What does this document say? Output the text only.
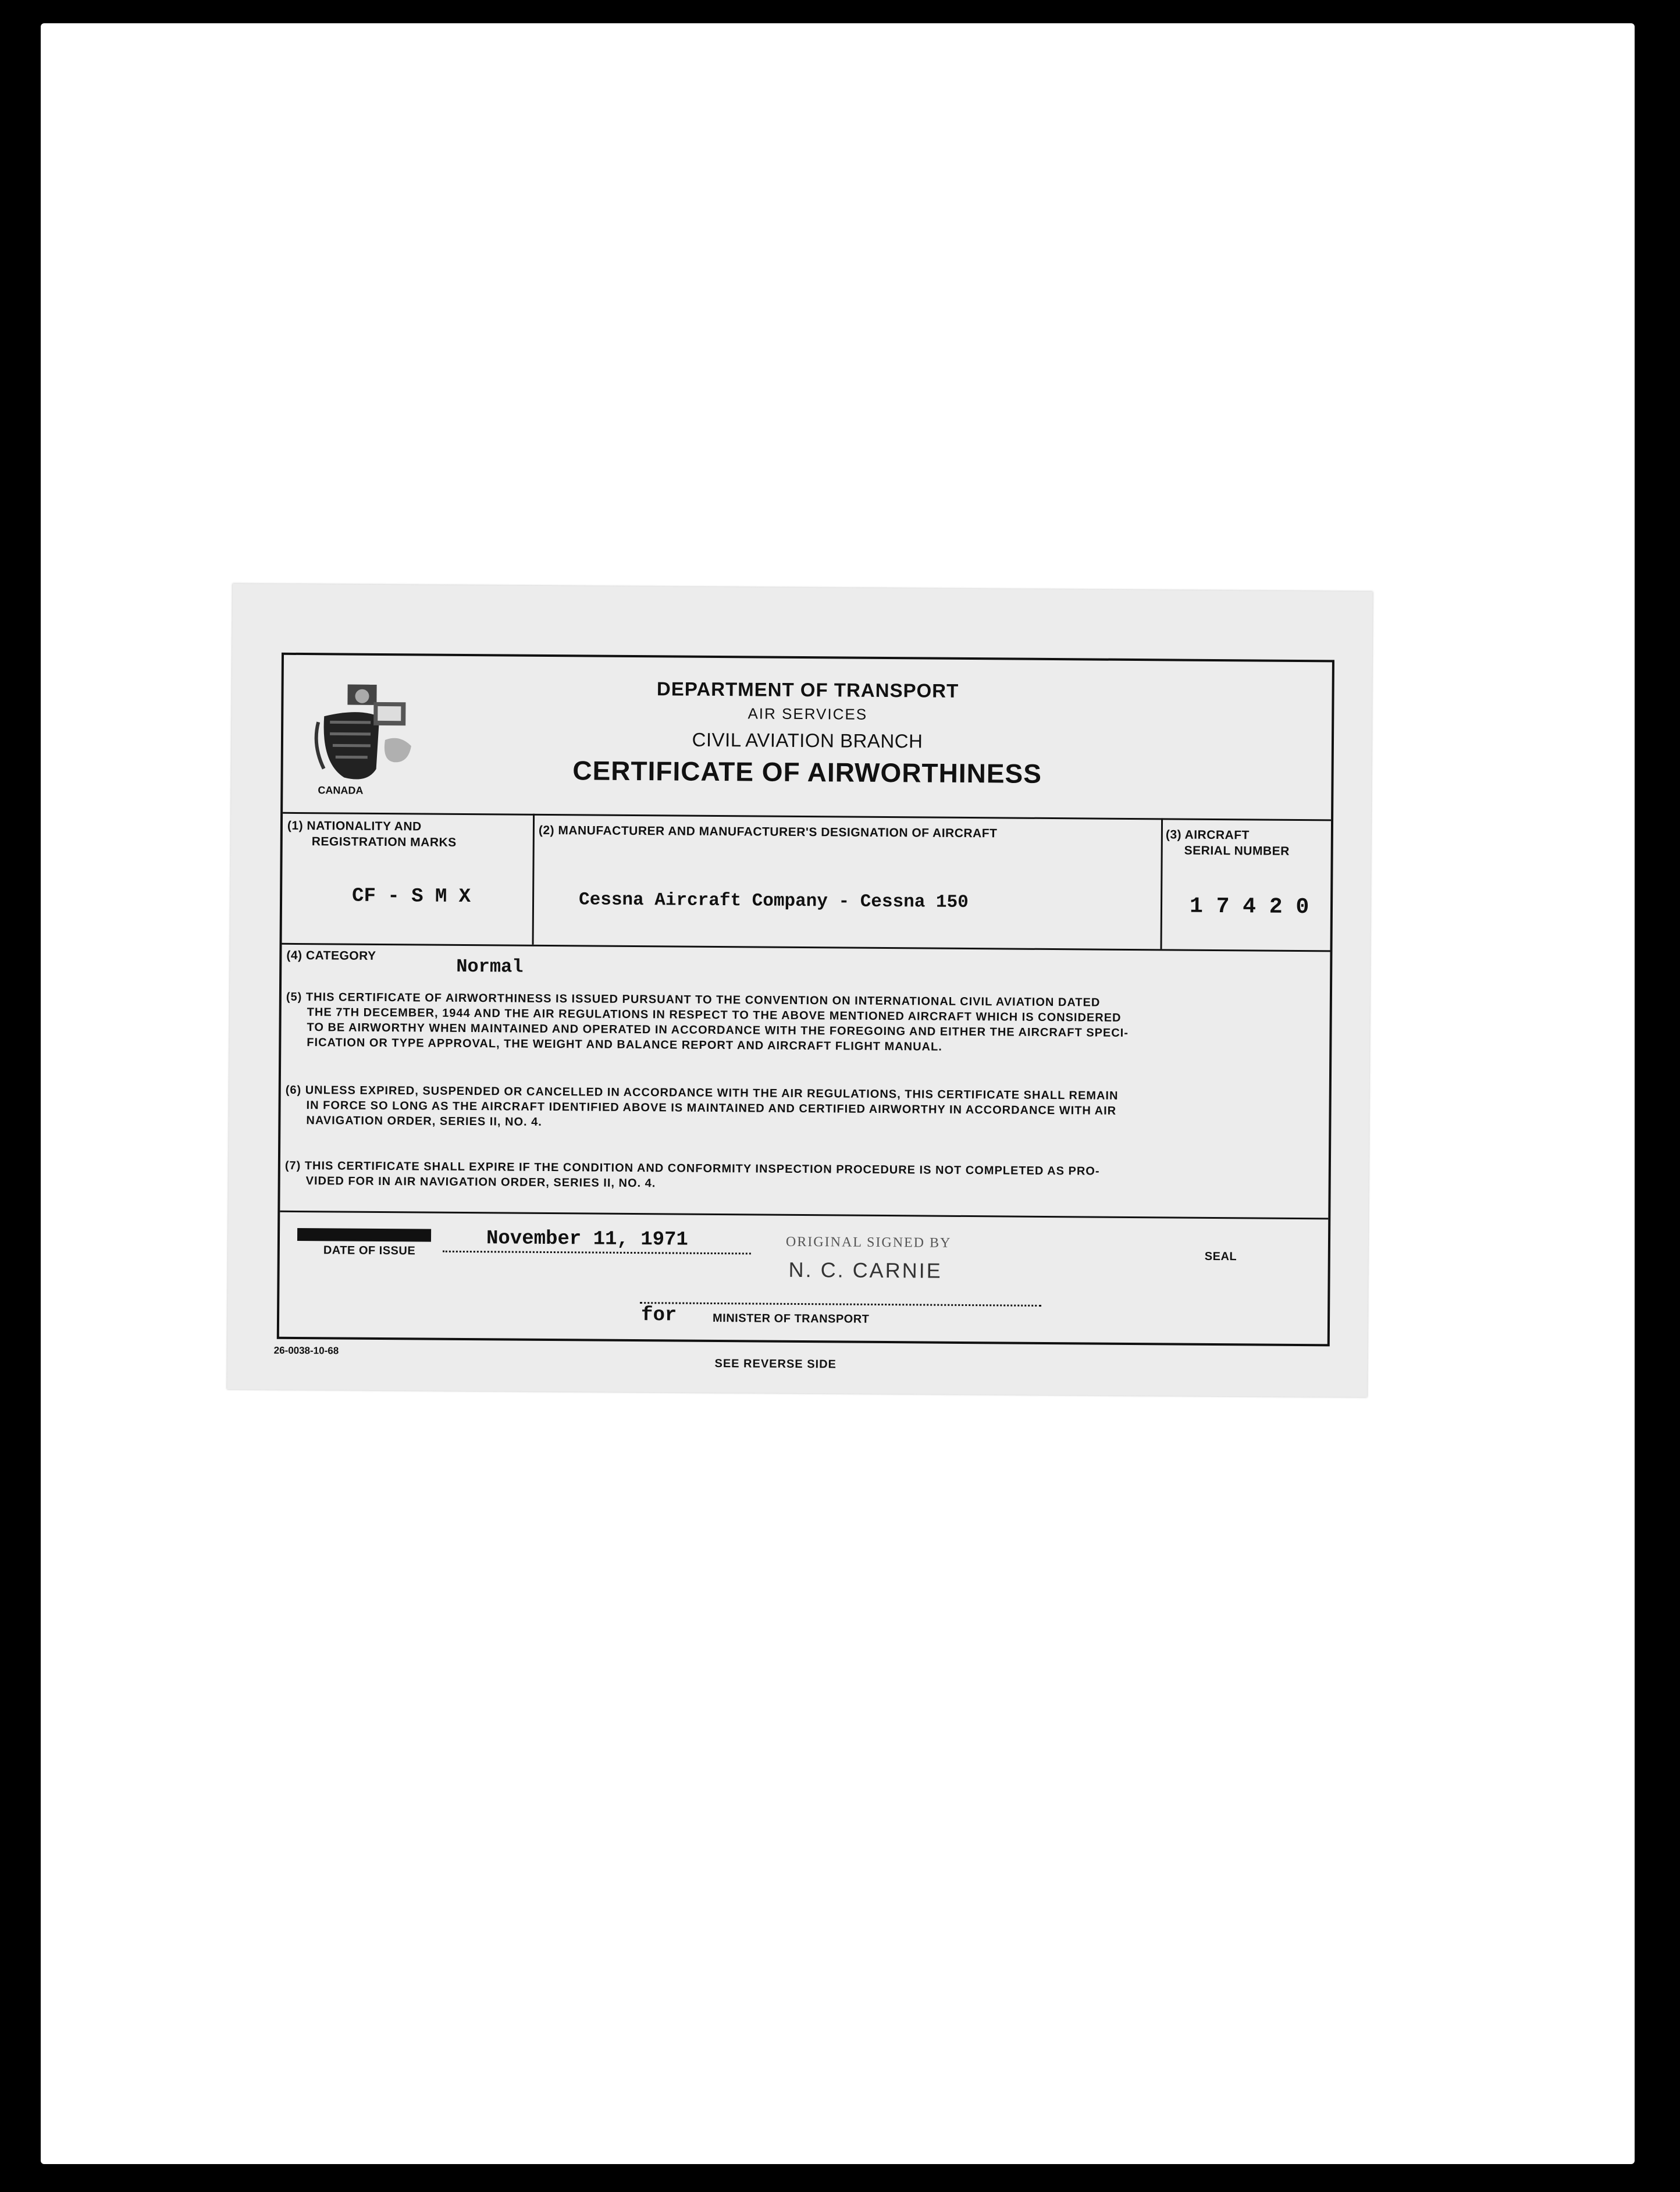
CANADA
DEPARTMENT OF TRANSPORT
AIR SERVICES
CIVIL AVIATION BRANCH
CERTIFICATE OF AIRWORTHINESS
(1) NATIONALITY AND
REGISTRATION MARKS
CF - S M X
(2) MANUFACTURER AND MANUFACTURER'S DESIGNATION OF AIRCRAFT
Cessna Aircraft Company - Cessna 150
(3) AIRCRAFT
SERIAL NUMBER
1 7 4 2 0
(4) CATEGORY
Normal
(5) THIS CERTIFICATE OF AIRWORTHINESS IS ISSUED PURSUANT TO THE CONVENTION ON INTERNATIONAL CIVIL AVIATION DATED
THE 7TH DECEMBER, 1944 AND THE AIR REGULATIONS IN RESPECT TO THE ABOVE MENTIONED AIRCRAFT WHICH IS CONSIDERED
TO BE AIRWORTHY WHEN MAINTAINED AND OPERATED IN ACCORDANCE WITH THE FOREGOING AND EITHER THE AIRCRAFT SPECI-
FICATION OR TYPE APPROVAL, THE WEIGHT AND BALANCE REPORT AND AIRCRAFT FLIGHT MANUAL.
(6) UNLESS EXPIRED, SUSPENDED OR CANCELLED IN ACCORDANCE WITH THE AIR REGULATIONS, THIS CERTIFICATE SHALL REMAIN
IN FORCE SO LONG AS THE AIRCRAFT IDENTIFIED ABOVE IS MAINTAINED AND CERTIFIED AIRWORTHY IN ACCORDANCE WITH AIR
NAVIGATION ORDER, SERIES II, NO. 4.
(7) THIS CERTIFICATE SHALL EXPIRE IF THE CONDITION AND CONFORMITY INSPECTION PROCEDURE IS NOT COMPLETED AS PRO-
VIDED FOR IN AIR NAVIGATION ORDER, SERIES II, NO. 4.
DATE OF ISSUE	November 11, 1971	ORIGINAL SIGNED BY
N. C. CARNIE
for	MINISTER OF TRANSPORT
SEAL
26-0038-10-68
SEE REVERSE SIDE
